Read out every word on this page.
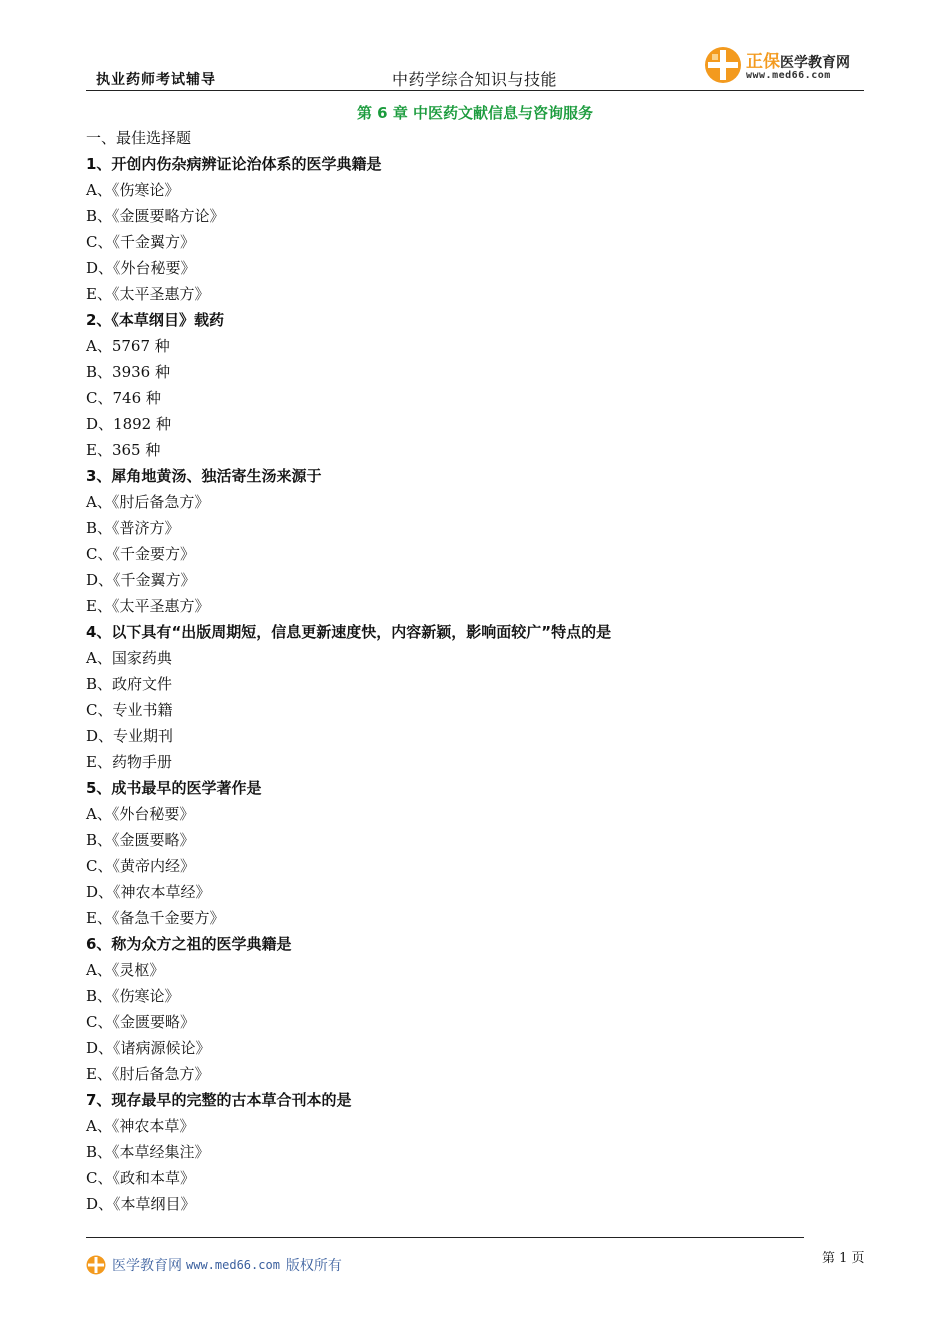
执业药师考试辅导	中药学综合知识与技能
正保医学教育网
www.med66.com
第 6 章 中医药文献信息与咨询服务
一、最佳选择题
1、开创内伤杂病辨证论治体系的医学典籍是
A、《伤寒论》
B、《金匮要略方论》
C、《千金翼方》
D、《外台秘要》
E、《太平圣惠方》
2、《本草纲目》载药
A、5767 种
B、3936 种
C、746 种
D、1892 种
E、365 种
3、犀角地黄汤、独活寄生汤来源于
A、《肘后备急方》
B、《普济方》
C、《千金要方》
D、《千金翼方》
E、《太平圣惠方》
4、以下具有“出版周期短，信息更新速度快，内容新颖，影响面较广”特点的是
A、国家药典
B、政府文件
C、专业书籍
D、专业期刊
E、药物手册
5、成书最早的医学著作是
A、《外台秘要》
B、《金匮要略》
C、《黄帝内经》
D、《神农本草经》
E、《备急千金要方》
6、称为众方之祖的医学典籍是
A、《灵枢》
B、《伤寒论》
C、《金匮要略》
D、《诸病源候论》
E、《肘后备急方》
7、现存最早的完整的古本草合刊本的是
A、《神农本草》
B、《本草经集注》
C、《政和本草》
D、《本草纲目》
医学教育网 www.med66.com 版权所有	第 1 页
